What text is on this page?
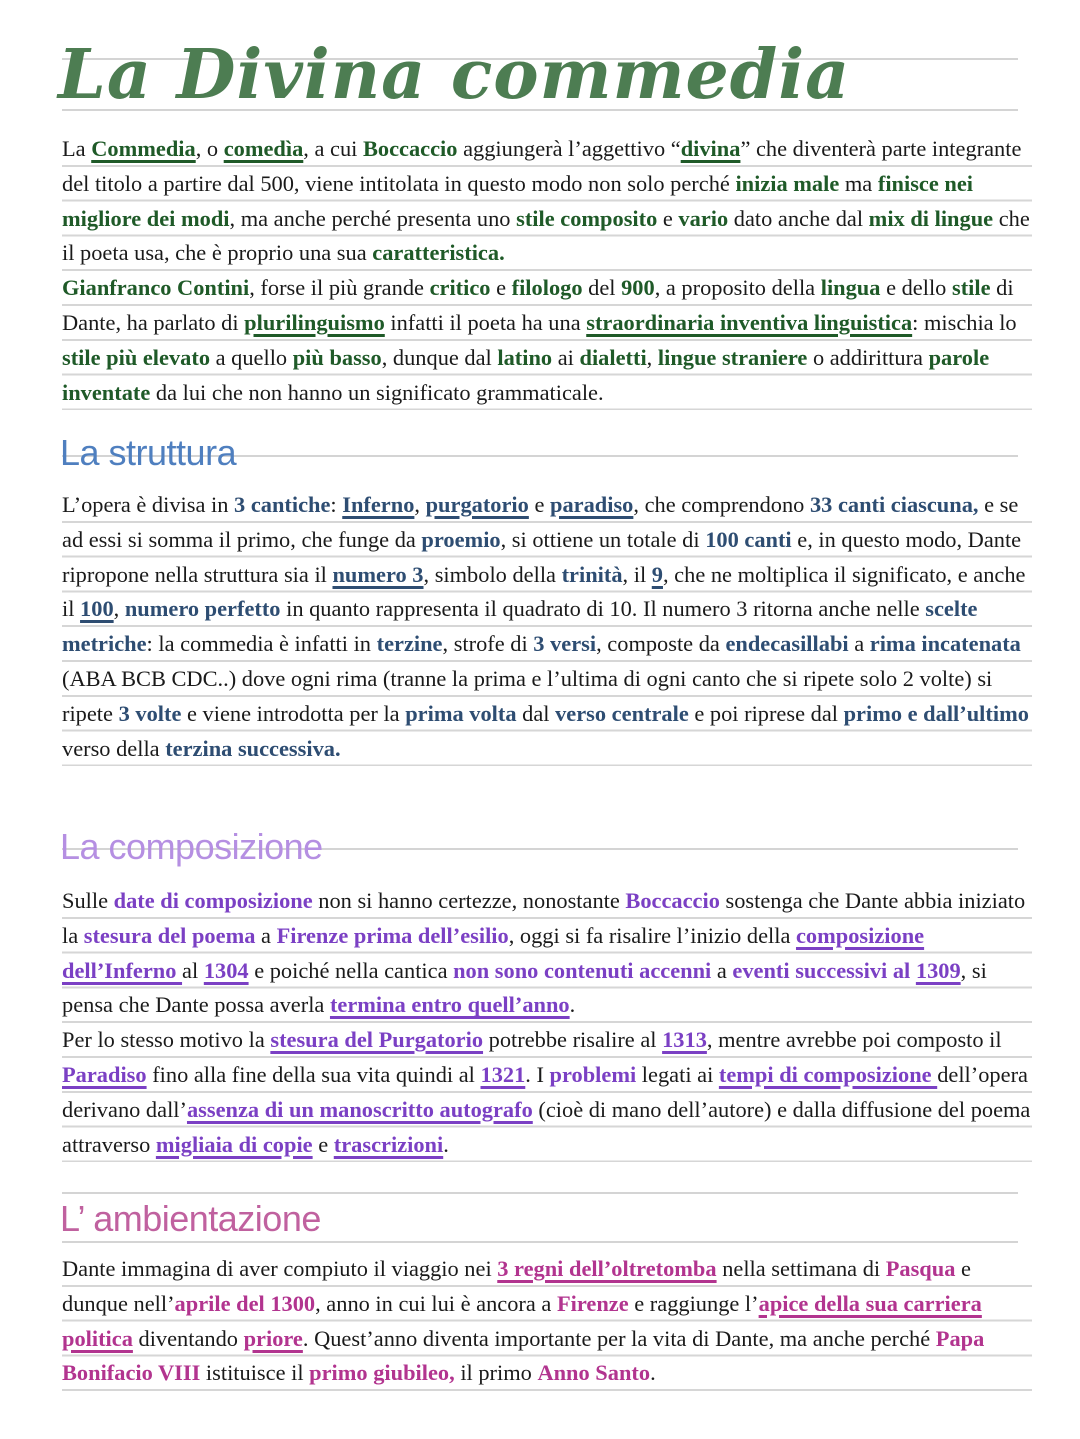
La Divina commedia

La Commedia, o comedìa, a cui Boccaccio aggiungerà l’aggettivo “divina” che diventerà parte integrante del titolo a partire dal 500, viene intitolata in questo modo non solo perché inizia male ma finisce nei migliore dei modi, ma anche perché presenta uno stile composito e vario dato anche dal mix di lingue che il poeta usa, che è proprio una sua caratteristica.

Gianfranco Contini, forse il più grande critico e filologo del 900, a proposito della lingua e dello stile di Dante, ha parlato di plurilinguismo infatti il poeta ha una straordinaria inventiva linguistica: mischia lo stile più elevato a quello più basso, dunque dal latino ai dialetti, lingue straniere o addirittura parole inventate da lui che non hanno un significato grammaticale.

La struttura

L’opera è divisa in 3 cantiche: Inferno, purgatorio e paradiso, che comprendono 33 canti ciascuna, e se ad essi si somma il primo, che funge da proemio, si ottiene un totale di 100 canti e, in questo modo, Dante ripropone nella struttura sia il numero 3, simbolo della trinità, il 9, che ne moltiplica il significato, e anche il 100, numero perfetto in quanto rappresenta il quadrato di 10. Il numero 3 ritorna anche nelle scelte metriche: la commedia è infatti in terzine, strofe di 3 versi, composte da endecasillabi a rima incatenata (ABA BCB CDC..) dove ogni rima (tranne la prima e l’ultima di ogni canto che si ripete solo 2 volte) si ripete 3 volte e viene introdotta per la prima volta dal verso centrale e poi riprese dal primo e dall’ultimo verso della terzina successiva.

La composizione

Sulle date di composizione non si hanno certezze, nonostante Boccaccio sostenga che Dante abbia iniziato la stesura del poema a Firenze prima dell’esilio, oggi si fa risalire l’inizio della composizione dell’Inferno al 1304 e poiché nella cantica non sono contenuti accenni a eventi successivi al 1309, si pensa che Dante possa averla termina entro quell’anno.

Per lo stesso motivo la stesura del Purgatorio potrebbe risalire al 1313, mentre avrebbe poi composto il Paradiso fino alla fine della sua vita quindi al 1321. I problemi legati ai tempi di composizione dell’opera derivano dall’assenza di un manoscritto autografo (cioè di mano dell’autore) e dalla diffusione del poema attraverso migliaia di copie e trascrizioni.

L’ ambientazione

Dante immagina di aver compiuto il viaggio nei 3 regni dell’oltretomba nella settimana di Pasqua e dunque nell’aprile del 1300, anno in cui lui è ancora a Firenze e raggiunge l’apice della sua carriera politica diventando priore. Quest’anno diventa importante per la vita di Dante, ma anche perché Papa Bonifacio VIII istituisce il primo giubileo, il primo Anno Santo.
